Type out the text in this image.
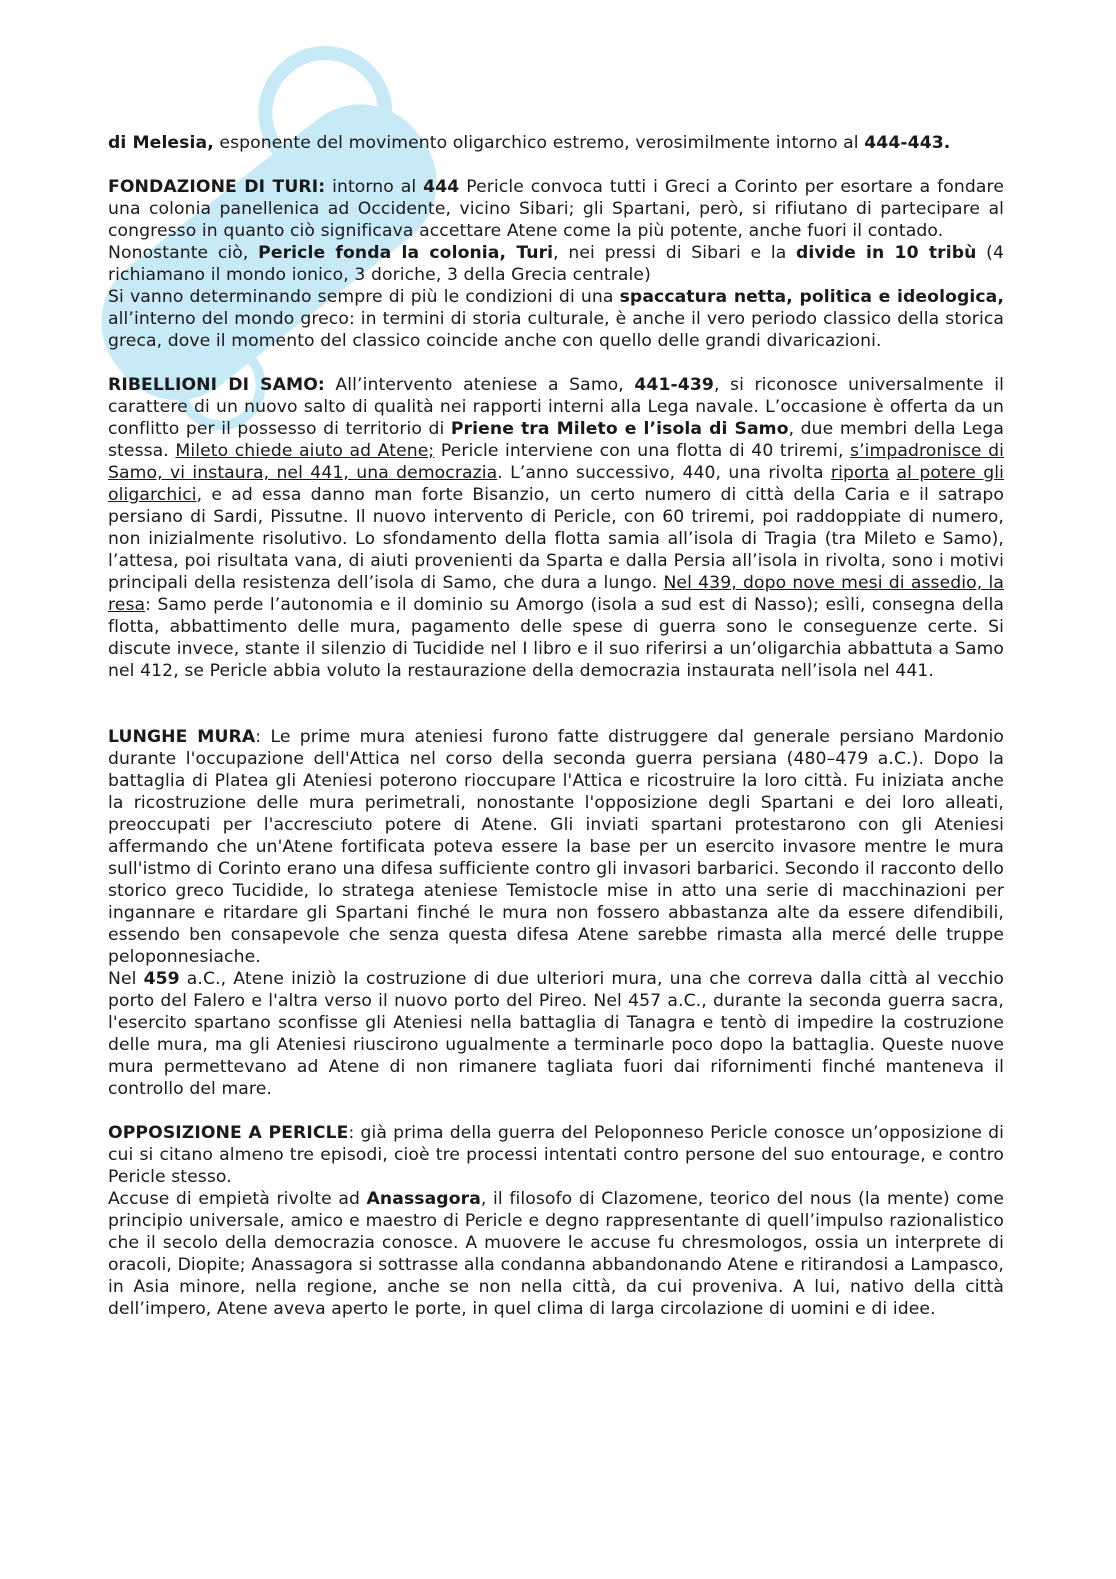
di Melesia, esponente del movimento oligarchico estremo, verosimilmente intorno al 444-443.

FONDAZIONE DI TURI: intorno al 444 Pericle convoca tutti i Greci a Corinto per esortare a fondare una colonia panellenica ad Occidente, vicino Sibari; gli Spartani, però, si rifiutano di partecipare al congresso in quanto ciò significava accettare Atene come la più potente, anche fuori il contado.

Nonostante ciò, Pericle fonda la colonia, Turi, nei pressi di Sibari e la divide in 10 tribù (4 richiamano il mondo ionico, 3 doriche, 3 della Grecia centrale)

Si vanno determinando sempre di più le condizioni di una spaccatura netta, politica e ideologica, all’interno del mondo greco: in termini di storia culturale, è anche il vero periodo classico della storica greca, dove il momento del classico coincide anche con quello delle grandi divaricazioni.

RIBELLIONI DI SAMO: All’intervento ateniese a Samo, 441-439, si riconosce universalmente il carattere di un nuovo salto di qualità nei rapporti interni alla Lega navale. L’occasione è offerta da un conflitto per il possesso di territorio di Priene tra Mileto e l’isola di Samo, due membri della Lega stessa. Mileto chiede aiuto ad Atene; Pericle interviene con una flotta di 40 triremi, s’impadronisce di Samo, vi instaura, nel 441, una democrazia. L’anno successivo, 440, una rivolta riporta al potere gli oligarchici, e ad essa danno man forte Bisanzio, un certo numero di città della Caria e il satrapo persiano di Sardi, Pissutne. Il nuovo intervento di Pericle, con 60 triremi, poi raddoppiate di numero, non inizialmente risolutivo. Lo sfondamento della flotta samia all’isola di Tragia (tra Mileto e Samo), l’attesa, poi risultata vana, di aiuti provenienti da Sparta e dalla Persia all’isola in rivolta, sono i motivi principali della resistenza dell’isola di Samo, che dura a lungo. Nel 439, dopo nove mesi di assedio, la resa: Samo perde l’autonomia e il dominio su Amorgo (isola a sud est di Nasso); esìli, consegna della flotta, abbattimento delle mura, pagamento delle spese di guerra sono le conseguenze certe. Si discute invece, stante il silenzio di Tucidide nel I libro e il suo riferirsi a un’oligarchia abbattuta a Samo nel 412, se Pericle abbia voluto la restaurazione della democrazia instaurata nell’isola nel 441.

LUNGHE MURA: Le prime mura ateniesi furono fatte distruggere dal generale persiano Mardonio durante l'occupazione dell'Attica nel corso della seconda guerra persiana (480–479 a.C.). Dopo la battaglia di Platea gli Ateniesi poterono rioccupare l'Attica e ricostruire la loro città. Fu iniziata anche la ricostruzione delle mura perimetrali, nonostante l'opposizione degli Spartani e dei loro alleati, preoccupati per l'accresciuto potere di Atene. Gli inviati spartani protestarono con gli Ateniesi affermando che un'Atene fortificata poteva essere la base per un esercito invasore mentre le mura sull'istmo di Corinto erano una difesa sufficiente contro gli invasori barbarici. Secondo il racconto dello storico greco Tucidide, lo stratega ateniese Temistocle mise in atto una serie di macchinazioni per ingannare e ritardare gli Spartani finché le mura non fossero abbastanza alte da essere difendibili, essendo ben consapevole che senza questa difesa Atene sarebbe rimasta alla mercé delle truppe peloponnesiache.

Nel 459 a.C., Atene iniziò la costruzione di due ulteriori mura, una che correva dalla città al vecchio porto del Falero e l'altra verso il nuovo porto del Pireo. Nel 457 a.C., durante la seconda guerra sacra, l'esercito spartano sconfisse gli Ateniesi nella battaglia di Tanagra e tentò di impedire la costruzione delle mura, ma gli Ateniesi riuscirono ugualmente a terminarle poco dopo la battaglia. Queste nuove mura permettevano ad Atene di non rimanere tagliata fuori dai rifornimenti finché manteneva il controllo del mare.

OPPOSIZIONE A PERICLE: già prima della guerra del Peloponneso Pericle conosce un’opposizione di cui si citano almeno tre episodi, cioè tre processi intentati contro persone del suo entourage, e contro Pericle stesso.

Accuse di empietà rivolte ad Anassagora, il filosofo di Clazomene, teorico del nous (la mente) come principio universale, amico e maestro di Pericle e degno rappresentante di quell’impulso razionalistico che il secolo della democrazia conosce. A muovere le accuse fu chresmologos, ossia un interprete di oracoli, Diopite; Anassagora si sottrasse alla condanna abbandonando Atene e ritirandosi a Lampasco, in Asia minore, nella regione, anche se non nella città, da cui proveniva. A lui, nativo della città dell’impero, Atene aveva aperto le porte, in quel clima di larga circolazione di uomini e di idee.
